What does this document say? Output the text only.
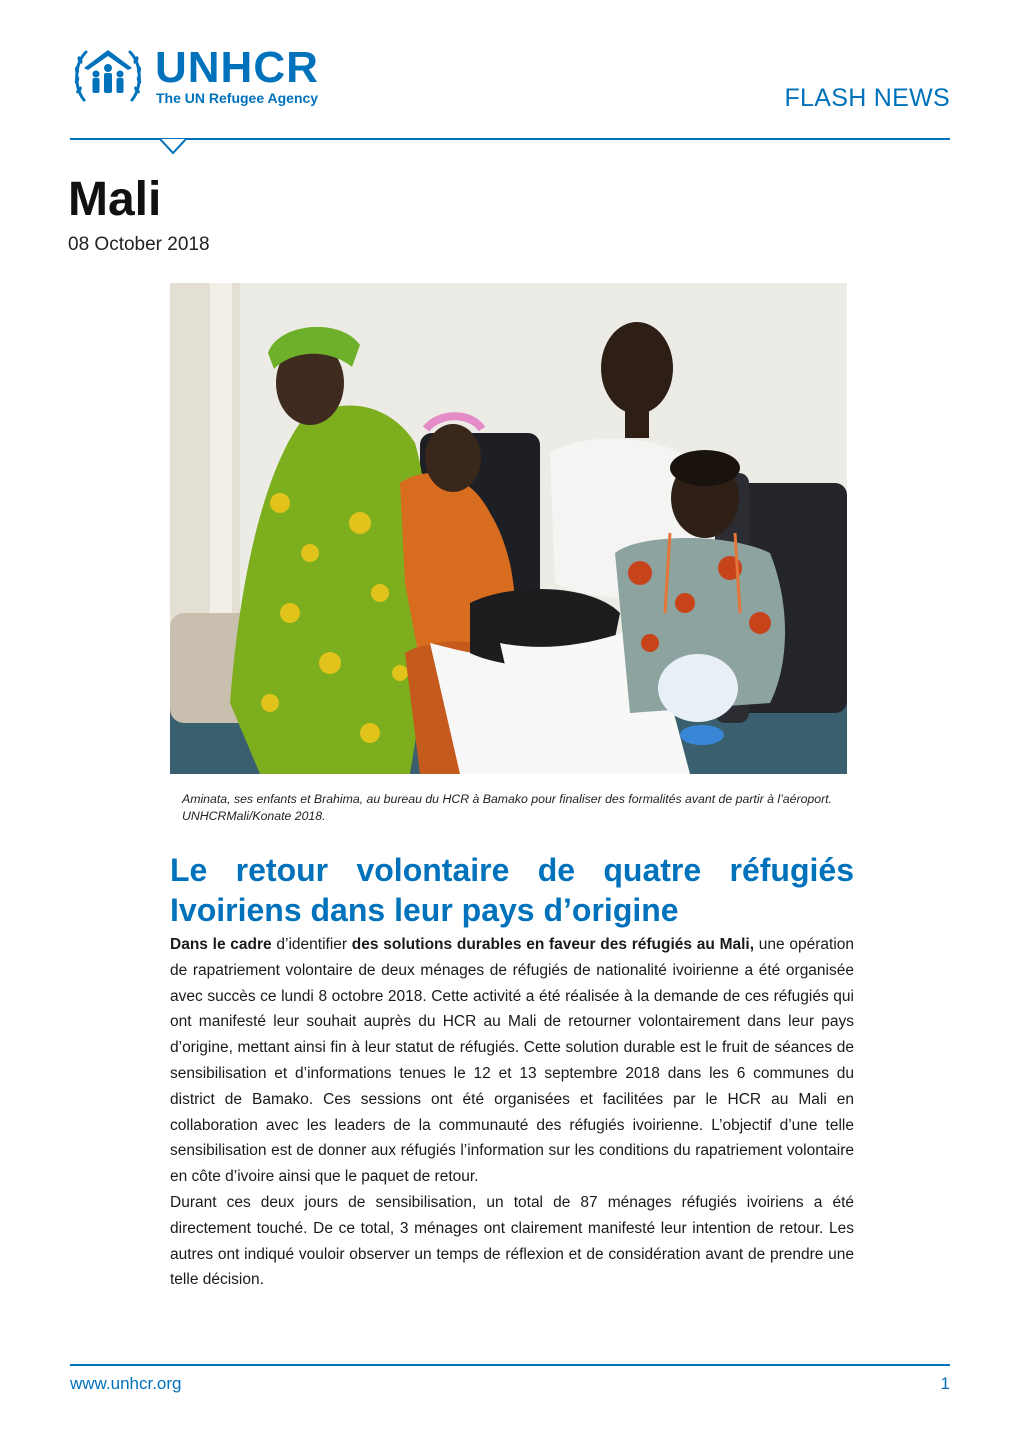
UNHCR
The UN Refugee Agency	FLASH NEWS
Mali
08 October 2018
Aminata, ses enfants et Brahima, au bureau du HCR à Bamako pour finaliser des formalités avant de partir à l’aéroport. UNHCRMali/Konate 2018.
Le retour volontaire de quatre réfugiés
Ivoiriens dans leur pays d’origine

Dans le cadre d’identifier des solutions durables en faveur des réfugiés au Mali, une opération de rapatriement volontaire de deux ménages de réfugiés de nationalité ivoirienne a été organisée avec succès ce lundi 8 octobre 2018. Cette activité a été réalisée à la demande de ces réfugiés qui ont manifesté leur souhait auprès du HCR au Mali de retourner volontairement dans leur pays d’origine, mettant ainsi fin à leur statut de réfugiés. Cette solution durable est le fruit de séances de sensibilisation et d’informations tenues le 12 et 13 septembre 2018 dans les 6 communes du district de Bamako. Ces sessions ont été organisées et facilitées par le HCR au Mali en collaboration avec les leaders de la communauté des réfugiés ivoirienne. L’objectif d’une telle sensibilisation est de donner aux réfugiés l’information sur les conditions du rapatriement volontaire en côte d’ivoire ainsi que le paquet de retour.

Durant ces deux jours de sensibilisation, un total de 87 ménages réfugiés ivoiriens a été directement touché. De ce total, 3 ménages ont clairement manifesté leur intention de retour. Les autres ont indiqué vouloir observer un temps de réflexion et de considération avant de prendre une telle décision.

www.unhcr.org	1
